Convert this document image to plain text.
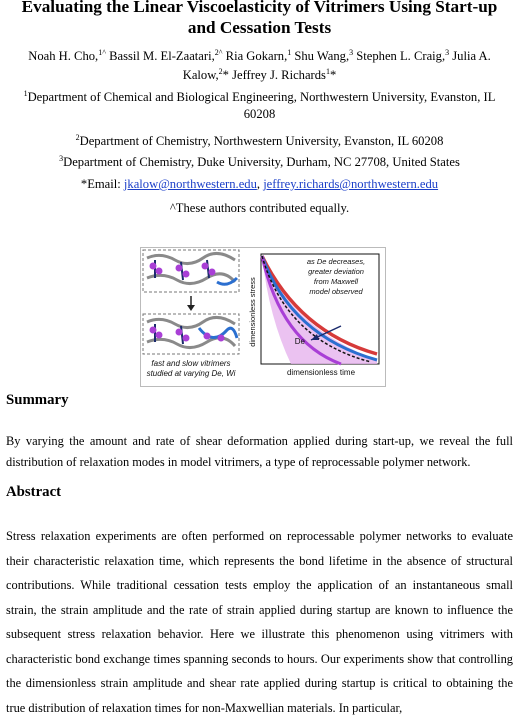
Evaluating the Linear Viscoelasticity of Vitrimers Using Start-up
and Cessation Tests
Noah H. Cho,$^{1\^{}}$ Bassil M. El-Zaatari,$^{2\^{}}$ Ria Gokarn,$^1$ Shu Wang,$^3$ Stephen L. Craig,$^3$ Julia A.
Kalow,$^2$* Jeffrey J. Richards$^1$*
$^1$Department of Chemical and Biological Engineering, Northwestern University, Evanston, IL
60208
$^2$Department of Chemistry, Northwestern University, Evanston, IL 60208
$^3$Department of Chemistry, Duke University, Durham, NC 27708, United States
*Email: jkalow@northwestern.edu, jeffrey.richards@northwestern.edu
^These authors contributed equally.
fast and slow vitrimers
studied at varying De, Wi
dimensionless stress
dimensionless time
as De decreases,
greater deviation
from Maxwell
model observed
De
Summary
By varying the amount and rate of shear deformation applied during start-up, we reveal the full distribution of relaxation modes in model vitrimers, a type of reprocessable polymer network.
Abstract
Stress relaxation experiments are often performed on reprocessable polymer networks to evaluate their characteristic relaxation time, which represents the bond lifetime in the absence of structural contributions. While traditional cessation tests employ the application of an instantaneous small strain, the strain amplitude and the rate of strain applied during startup are known to influence the subsequent stress relaxation behavior. Here we illustrate this phenomenon using vitrimers with characteristic bond exchange times spanning seconds to hours. Our experiments show that controlling the dimensionless strain amplitude and shear rate applied during startup is critical to obtaining the true distribution of relaxation times for non-Maxwellian materials. In particular,
